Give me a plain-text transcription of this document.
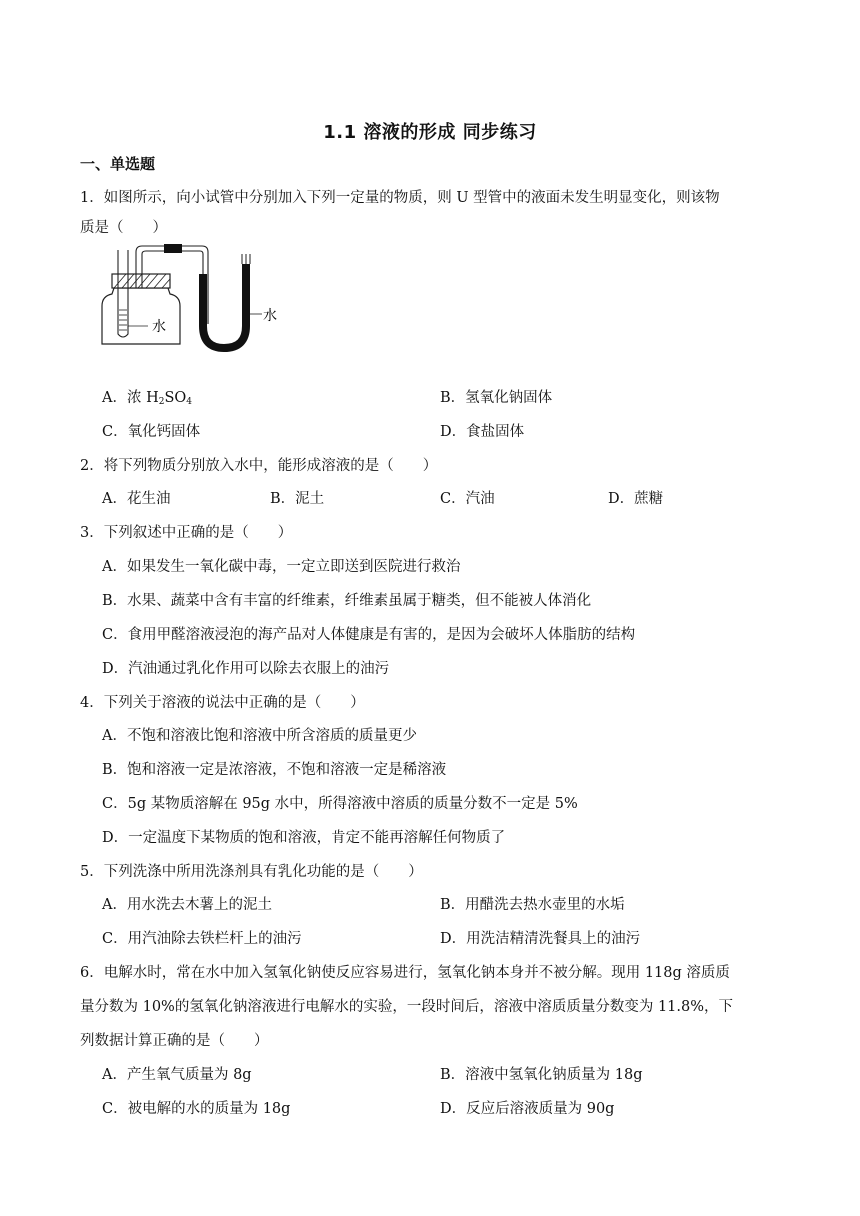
1.1 溶液的形成 同步练习
一、单选题
1．如图所示，向小试管中分别加入下列一定量的物质，则 U 型管中的液面未发生明显变化，则该物
质是（　　）
水
水
A．浓 $H_2SO_4$	B．氢氧化钠固体
C．氧化钙固体	D．食盐固体
2．将下列物质分别放入水中，能形成溶液的是（　　）
A．花生油	B．泥土	C．汽油	D．蔗糖
3．下列叙述中正确的是（　　）
A．如果发生一氧化碳中毒，一定立即送到医院进行救治
B．水果、蔬菜中含有丰富的纤维素，纤维素虽属于糖类，但不能被人体消化
C．食用甲醛溶液浸泡的海产品对人体健康是有害的，是因为会破坏人体脂肪的结构
D．汽油通过乳化作用可以除去衣服上的油污
4．下列关于溶液的说法中正确的是（　　）
A．不饱和溶液比饱和溶液中所含溶质的质量更少
B．饱和溶液一定是浓溶液，不饱和溶液一定是稀溶液
C．5g 某物质溶解在 95g 水中，所得溶液中溶质的质量分数不一定是 5%
D．一定温度下某物质的饱和溶液，肯定不能再溶解任何物质了
5．下列洗涤中所用洗涤剂具有乳化功能的是（　　）
A．用水洗去木薯上的泥土	B．用醋洗去热水壶里的水垢
C．用汽油除去铁栏杆上的油污	D．用洗洁精清洗餐具上的油污
6．电解水时，常在水中加入氢氧化钠使反应容易进行，氢氧化钠本身并不被分解。现用 118g 溶质质
量分数为 10%的氢氧化钠溶液进行电解水的实验，一段时间后，溶液中溶质质量分数变为 11.8%，下
列数据计算正确的是（　　）
A．产生氧气质量为 8g	B．溶液中氢氧化钠质量为 18g
C．被电解的水的质量为 18g	D．反应后溶液质量为 90g
